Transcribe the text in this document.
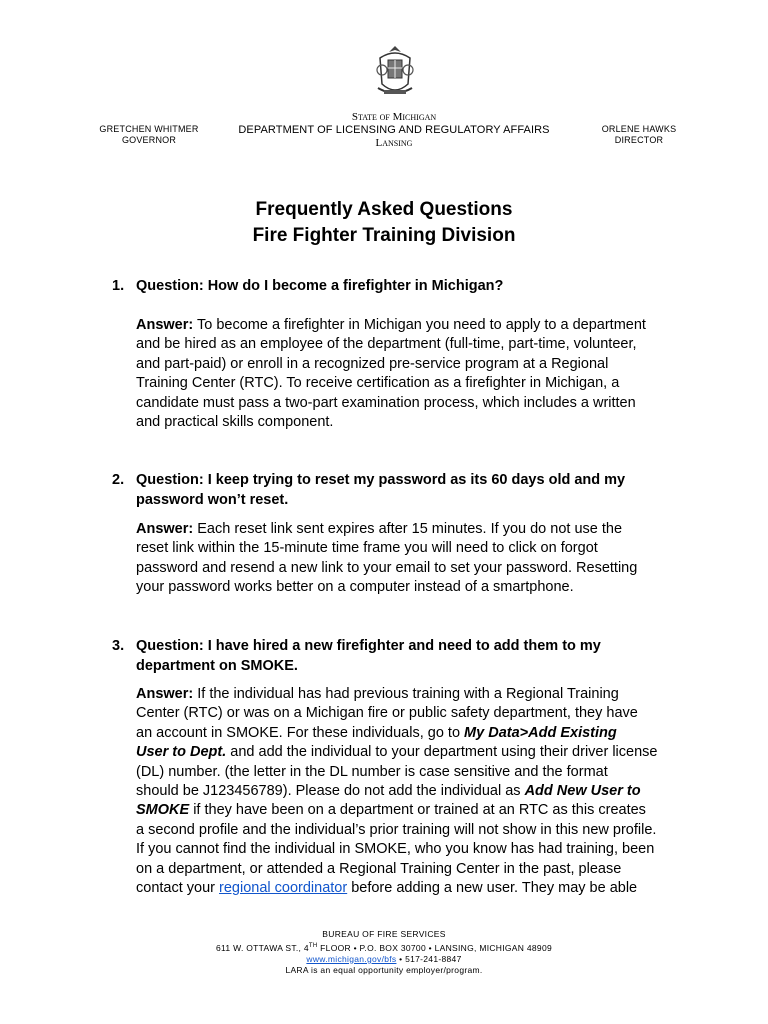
GRETCHEN WHITMER
GOVERNOR
State of Michigan
DEPARTMENT OF LICENSING AND REGULATORY AFFAIRS
Lansing
ORLENE HAWKS
DIRECTOR
Frequently Asked Questions
Fire Fighter Training Division
1. Question: How do I become a firefighter in Michigan?
Answer: To become a firefighter in Michigan you need to apply to a department
and be hired as an employee of the department (full-time, part-time, volunteer,
and part-paid) or enroll in a recognized pre-service program at a Regional
Training Center (RTC). To receive certification as a firefighter in Michigan, a
candidate must pass a two-part examination process, which includes a written
and practical skills component.
2. Question: I keep trying to reset my password as its 60 days old and my
password won’t reset.
Answer: Each reset link sent expires after 15 minutes. If you do not use the
reset link within the 15-minute time frame you will need to click on forgot
password and resend a new link to your email to set your password. Resetting
your password works better on a computer instead of a smartphone.
3. Question: I have hired a new firefighter and need to add them to my
department on SMOKE.
Answer: If the individual has had previous training with a Regional Training
Center (RTC) or was on a Michigan fire or public safety department, they have
an account in SMOKE. For these individuals, go to My Data>Add Existing
User to Dept. and add the individual to your department using their driver license
(DL) number. (the letter in the DL number is case sensitive and the format
should be J123456789). Please do not add the individual as Add New User to
SMOKE if they have been on a department or trained at an RTC as this creates
a second profile and the individual’s prior training will not show in this new profile.
If you cannot find the individual in SMOKE, who you know has had training, been
on a department, or attended a Regional Training Center in the past, please
contact your regional coordinator before adding a new user. They may be able
BUREAU OF FIRE SERVICES
611 W. OTTAWA ST., 4TH FLOOR • P.O. BOX 30700 • LANSING, MICHIGAN 48909
www.michigan.gov/bfs • 517-241-8847
LARA is an equal opportunity employer/program.
